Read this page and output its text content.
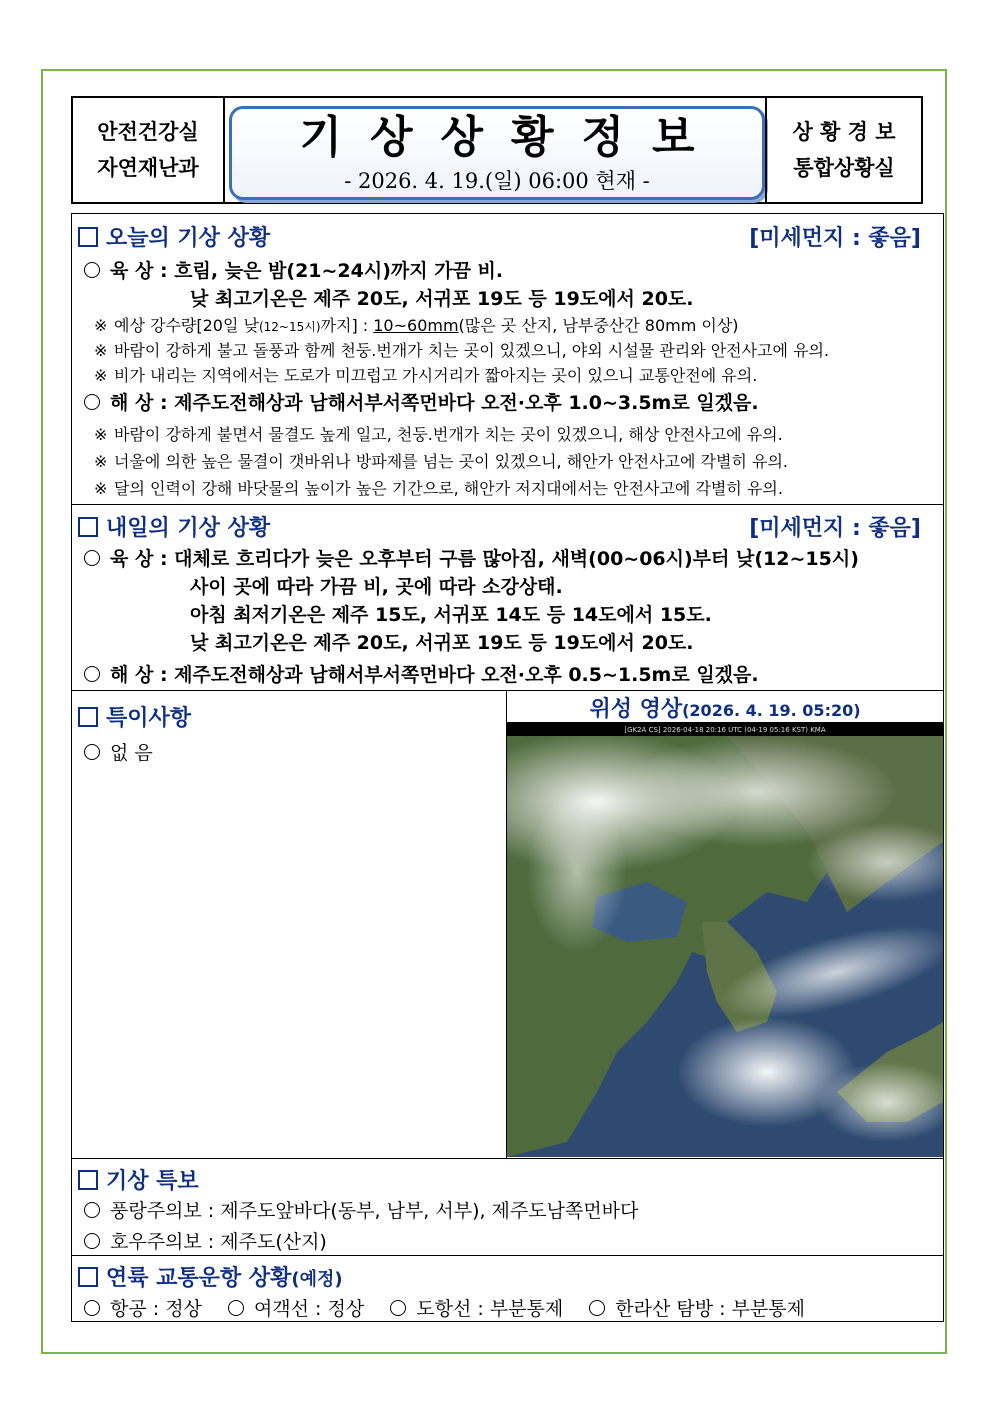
안전건강실
자연재난과
기상상황정보
- 2026. 4. 19.(일) 06:00 현재 -
상 황 경 보
통합상황실
오늘의 기상 상황	[미세먼지 : 좋음]
육 상 : 흐림, 늦은 밤(21~24시)까지 가끔 비.
낮 최고기온은 제주 20도, 서귀포 19도 등 19도에서 20도.
※ 예상 강수량[20일 낮(12~15시)까지] : 10~60mm(많은 곳 산지, 남부중산간 80mm 이상)
※ 바람이 강하게 불고 돌풍과 함께 천둥.번개가 치는 곳이 있겠으니, 야외 시설물 관리와 안전사고에 유의.
※ 비가 내리는 지역에서는 도로가 미끄럽고 가시거리가 짧아지는 곳이 있으니 교통안전에 유의.
해 상 : 제주도전해상과 남해서부서쪽먼바다 오전·오후 1.0~3.5m로 일겠음.
※ 바람이 강하게 불면서 물결도 높게 일고, 천둥.번개가 치는 곳이 있겠으니, 해상 안전사고에 유의.
※ 너울에 의한 높은 물결이 갯바위나 방파제를 넘는 곳이 있겠으니, 해안가 안전사고에 각별히 유의.
※ 달의 인력이 강해 바닷물의 높이가 높은 기간으로, 해안가 저지대에서는 안전사고에 각별히 유의.
내일의 기상 상황	[미세먼지 : 좋음]
육 상 : 대체로 흐리다가 늦은 오후부터 구름 많아짐, 새벽(00~06시)부터 낮(12~15시)
사이 곳에 따라 가끔 비, 곳에 따라 소강상태.
아침 최저기온은 제주 15도, 서귀포 14도 등 14도에서 15도.
낮 최고기온은 제주 20도, 서귀포 19도 등 19도에서 20도.
해 상 : 제주도전해상과 남해서부서쪽먼바다 오전·오후 0.5~1.5m로 일겠음.
특이사항
없 음
위성 영상(2026. 4. 19. 05:20)
[GK2A CS] 2026-04-18 20:16 UTC (04-19 05:16 KST) KMA
기상 특보
풍랑주의보 : 제주도앞바다(동부, 남부, 서부), 제주도남쪽먼바다
호우주의보 : 제주도(산지)
연륙 교통운항 상황(예정)
항공 : 정상	여객선 : 정상	도항선 : 부분통제	한라산 탐방 : 부분통제
